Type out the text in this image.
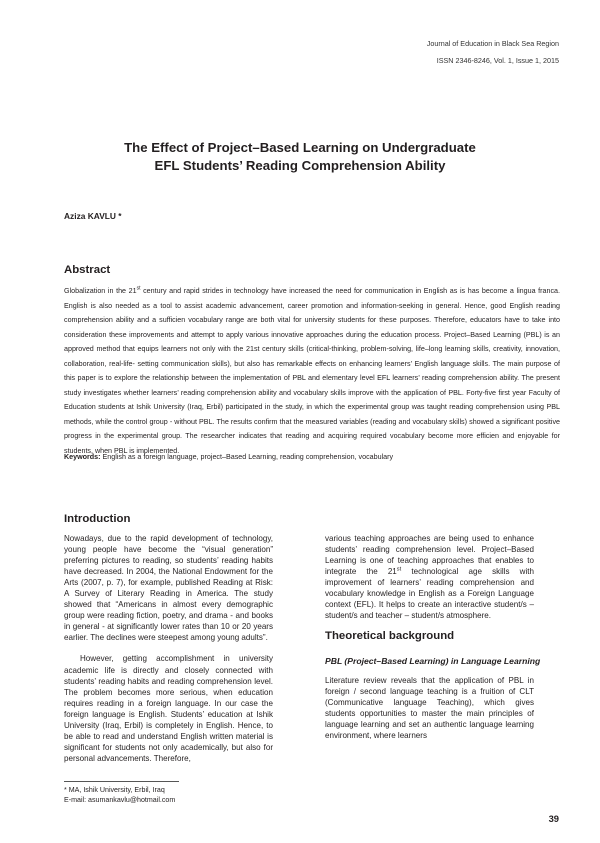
Journal of Education in Black Sea Region
ISSN 2346-8246, Vol. 1, Issue 1, 2015
The Effect of Project–Based Learning on Undergraduate
EFL Students’ Reading Comprehension Ability
Aziza KAVLU *
Abstract
Globalization in the 21st century and rapid strides in technology have increased the need for communication in English as is has become a lingua franca. English is also needed as a tool to assist academic advancement, career promotion and information-seeking in general. Hence, good English reading comprehension ability and a sufficien vocabulary range are both vital for university students for these purposes. Therefore, educators have to take into consideration these improvements and attempt to apply various innovative approaches during the education process. Project–Based Learning (PBL) is an approved method that equips learners not only with the 21st century skills (critical-thinking, problem-solving, life–long learning skills, creativity, innovation, collaboration, real-life- setting communication skills), but also has remarkable effects on enhancing learners’ English language skills. The main purpose of this paper is to explore the relationship between the implementation of PBL and elementary level EFL learners’ reading comprehension ability. The present study investigates whether learners’ reading comprehension ability and vocabulary skills improve with the application of PBL. Forty-five first year Faculty of Education students at Ishik University (Iraq, Erbil) participated in the study, in which the experimental group was taught reading comprehension using PBL methods, while the control group - without PBL. The results confirm that the measured variables (reading and vocabulary skills) showed a significant positive progress in the experimental group. The researcher indicates that reading and acquiring required vocabulary become more efficien and enjoyable for students, when PBL is implemented.
Keywords: English as a foreign language, project–Based Learning, reading comprehension, vocabulary
Introduction

Nowadays, due to the rapid development of technology, young people have become the “visual generation” preferring pictures to reading, so students’ reading habits have decreased. In 2004, the National Endowment for the Arts (2007, p. 7), for example, published Reading at Risk: A Survey of Literary Reading in America. The study showed that “Americans in almost every demographic group were reading fiction, poetry, and drama - and books in general - at significantly lower rates than 10 or 20 years earlier. The declines were steepest among young adults”.

However, getting accomplishment in university academic life is directly and closely connected with students’ reading habits and reading comprehension level. The problem becomes more serious, when education requires reading in a foreign language. In our case the foreign language is English. Students’ education at Ishik University (Iraq, Erbil) is completely in English. Hence, to be able to read and understand English written material is significant for students not only academically, but also for personal advancements. Therefore,

various teaching approaches are being used to enhance students’ reading comprehension level. Project–Based Learning is one of teaching approaches that enables to integrate the 21st technological age skills with improvement of learners’ reading comprehension and vocabulary knowledge in English as a Foreign Language context (EFL). It helps to create an interactive student/s – student/s and teacher – student/s atmosphere.

Theoretical background
PBL (Project–Based Learning) in Language Learning

Literature review reveals that the application of PBL in foreign / second language teaching is a fruition of CLT (Communicative language Teaching), which gives students opportunities to master the main principles of language learning and set an authentic language learning environment, where learners

* MA, Ishik University, Erbil, Iraq
E-mail: asumankavlu@hotmail.com
39
